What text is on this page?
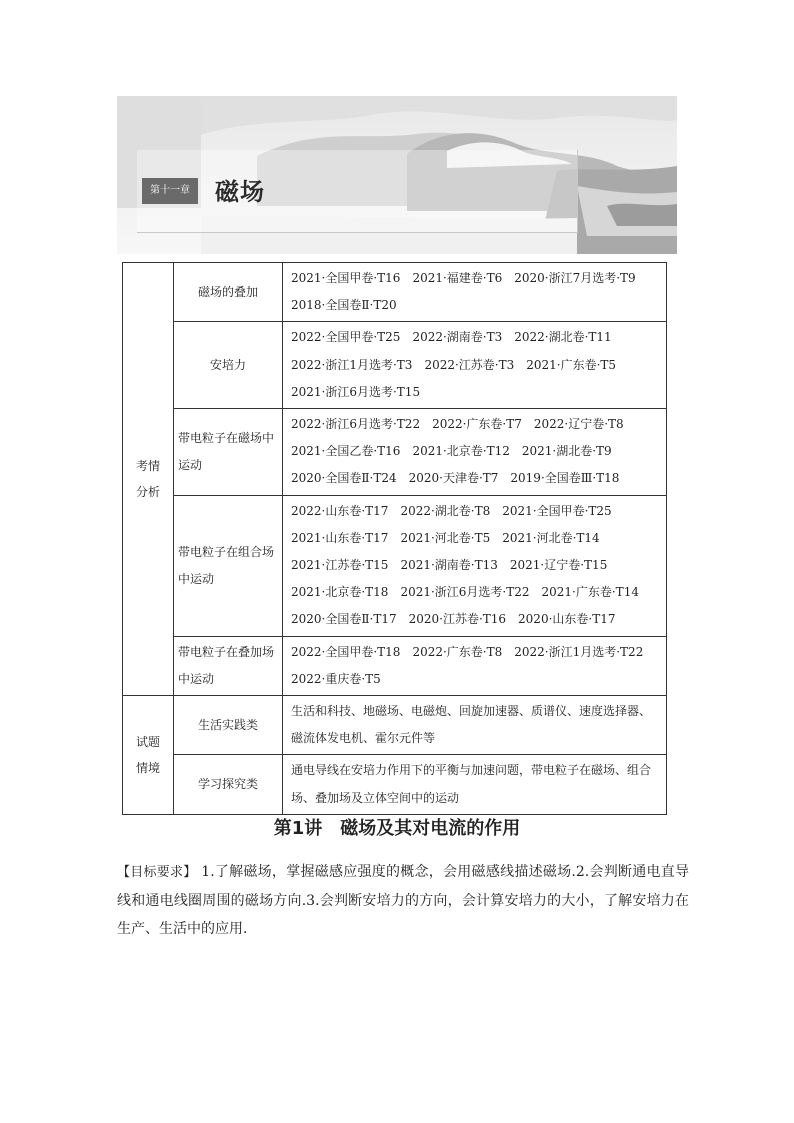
第十一章	磁场
考情分析	磁场的叠加	2021·全国甲卷·T16　2021·福建卷·T6　2020·浙江7月选考·T9
2018·全国卷Ⅱ·T20

	安培力	2022·全国甲卷·T25　2022·湖南卷·T3　2022·湖北卷·T11
2022·浙江1月选考·T3　2022·江苏卷·T3　2021·广东卷·T5
2021·浙江6月选考·T15

	带电粒子在磁场中运动	2022·浙江6月选考·T22　2022·广东卷·T7　2022·辽宁卷·T8
2021·全国乙卷·T16　2021·北京卷·T12　2021·湖北卷·T9
2020·全国卷Ⅱ·T24　2020·天津卷·T7　2019·全国卷Ⅲ·T18

	带电粒子在组合场中运动	2022·山东卷·T17　2022·湖北卷·T8　2021·全国甲卷·T25
2021·山东卷·T17　2021·河北卷·T5　2021·河北卷·T14
2021·江苏卷·T15　2021·湖南卷·T13　2021·辽宁卷·T15
2021·北京卷·T18　2021·浙江6月选考·T22　2021·广东卷·T14
2020·全国卷Ⅱ·T17　2020·江苏卷·T16　2020·山东卷·T17

	带电粒子在叠加场中运动	2022·全国甲卷·T18　2022·广东卷·T8　2022·浙江1月选考·T22
2022·重庆卷·T5

试题情境	生活实践类	生活和科技、地磁场、电磁炮、回旋加速器、质谱仪、速度选择器、磁流体发电机、霍尔元件等

	学习探究类	通电导线在安培力作用下的平衡与加速问题，带电粒子在磁场、组合场、叠加场及立体空间中的运动
第1讲　磁场及其对电流的作用
【目标要求】 1.了解磁场，掌握磁感应强度的概念，会用磁感线描述磁场.2.会判断通电直导线和通电线圈周围的磁场方向.3.会判断安培力的方向，会计算安培力的大小，了解安培力在生产、生活中的应用.
